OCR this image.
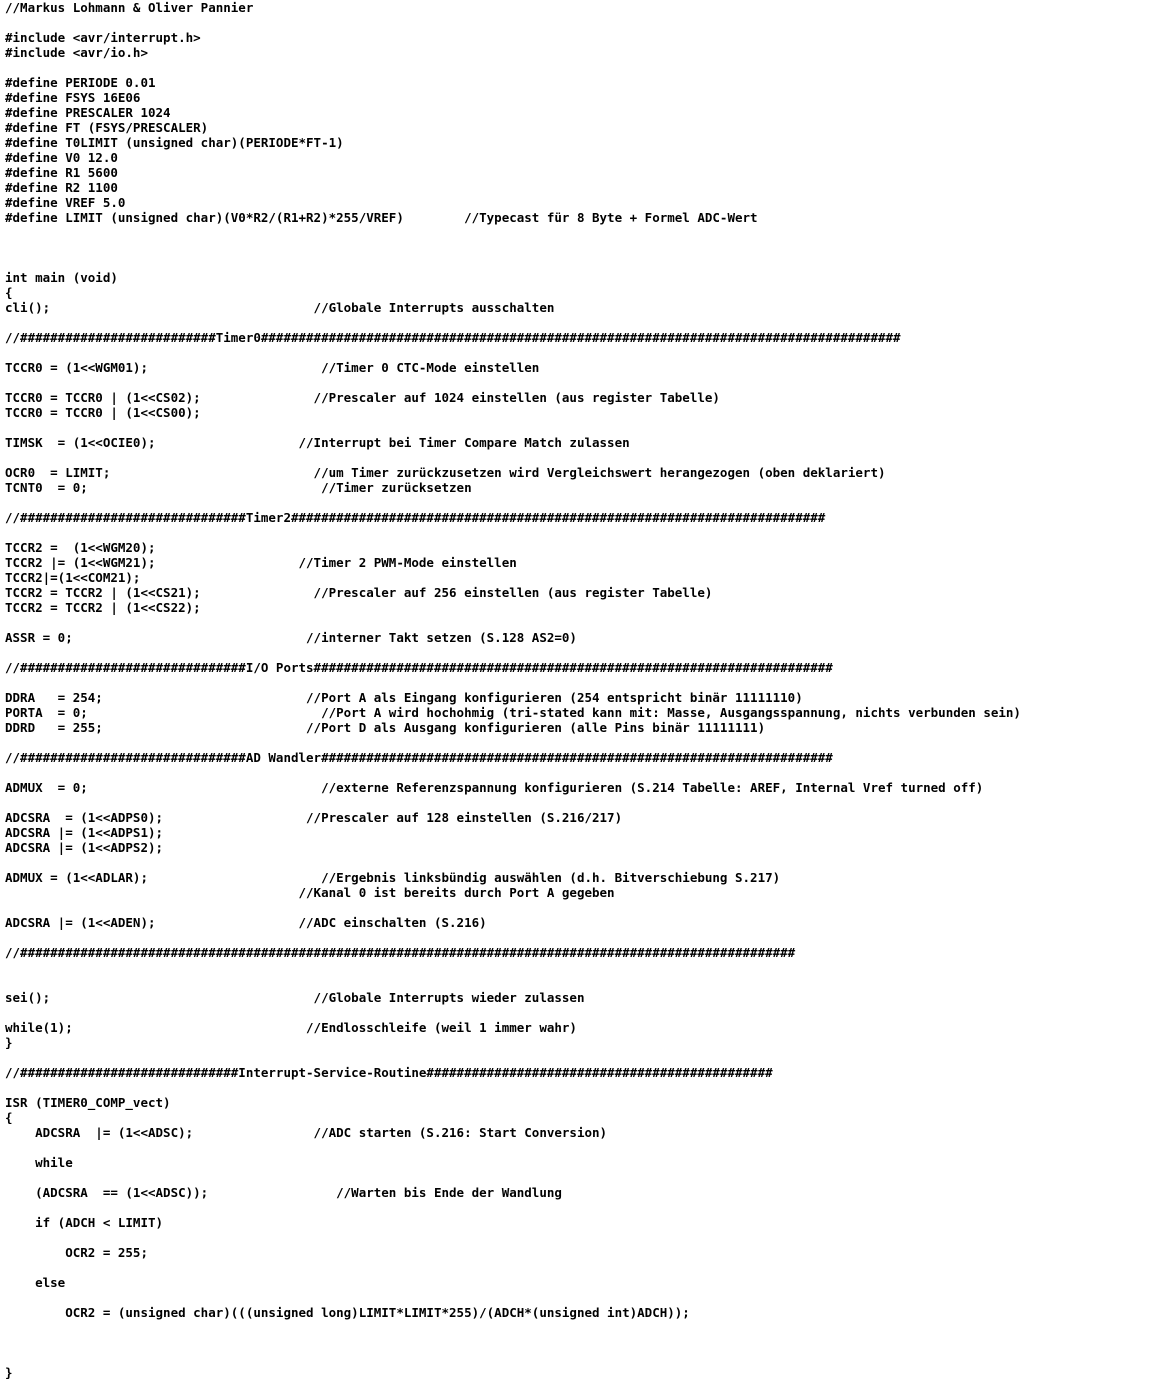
//Markus Lohmann & Oliver Pannier
#include <avr/interrupt.h>
#include <avr/io.h>
#define PERIODE 0.01
#define FSYS 16E06
#define PRESCALER 1024
#define FT (FSYS/PRESCALER)
#define T0LIMIT (unsigned char)(PERIODE*FT-1)
#define V0 12.0
#define R1 5600
#define R2 1100
#define VREF 5.0
#define LIMIT (unsigned char)(V0*R2/(R1+R2)*255/VREF)        //Typecast für 8 Byte + Formel ADC-Wert
int main (void)
{
cli();                                   //Globale Interrupts ausschalten
//##########################Timer0#####################################################################################
TCCR0 = (1<<WGM01);                       //Timer 0 CTC-Mode einstellen
TCCR0 = TCCR0 | (1<<CS02);               //Prescaler auf 1024 einstellen (aus register Tabelle)
TCCR0 = TCCR0 | (1<<CS00);
TIMSK  = (1<<OCIE0);                   //Interrupt bei Timer Compare Match zulassen
OCR0  = LIMIT;                           //um Timer zurückzusetzen wird Vergleichswert herangezogen (oben deklariert)
TCNT0  = 0;                               //Timer zurücksetzen
//##############################Timer2#######################################################################
TCCR2 =  (1<<WGM20);
TCCR2 |= (1<<WGM21);                   //Timer 2 PWM-Mode einstellen
TCCR2|=(1<<COM21);
TCCR2 = TCCR2 | (1<<CS21);               //Prescaler auf 256 einstellen (aus register Tabelle)
TCCR2 = TCCR2 | (1<<CS22);
ASSR = 0;                               //interner Takt setzen (S.128 AS2=0)
//##############################I/O Ports#####################################################################
DDRA   = 254;                           //Port A als Eingang konfigurieren (254 entspricht binär 11111110)
PORTA  = 0;                               //Port A wird hochohmig (tri-stated kann mit: Masse, Ausgangsspannung, nichts verbunden sein)
DDRD   = 255;                           //Port D als Ausgang konfigurieren (alle Pins binär 11111111)
//##############################AD Wandler####################################################################
ADMUX  = 0;                               //externe Referenzspannung konfigurieren (S.214 Tabelle: AREF, Internal Vref turned off)
ADCSRA  = (1<<ADPS0);                   //Prescaler auf 128 einstellen (S.216/217)
ADCSRA |= (1<<ADPS1);
ADCSRA |= (1<<ADPS2);
ADMUX = (1<<ADLAR);                       //Ergebnis linksbündig auswählen (d.h. Bitverschiebung S.217)
//Kanal 0 ist bereits durch Port A gegeben
ADCSRA |= (1<<ADEN);                   //ADC einschalten (S.216)
//#######################################################################################################
sei();                                   //Globale Interrupts wieder zulassen
while(1);                               //Endlosschleife (weil 1 immer wahr)
}
//#############################Interrupt-Service-Routine##############################################
ISR (TIMER0_COMP_vect)
{
ADCSRA  |= (1<<ADSC);                //ADC starten (S.216: Start Conversion)
while
(ADCSRA  == (1<<ADSC));                 //Warten bis Ende der Wandlung
if (ADCH < LIMIT)
OCR2 = 255;
else
OCR2 = (unsigned char)(((unsigned long)LIMIT*LIMIT*255)/(ADCH*(unsigned int)ADCH));
}
